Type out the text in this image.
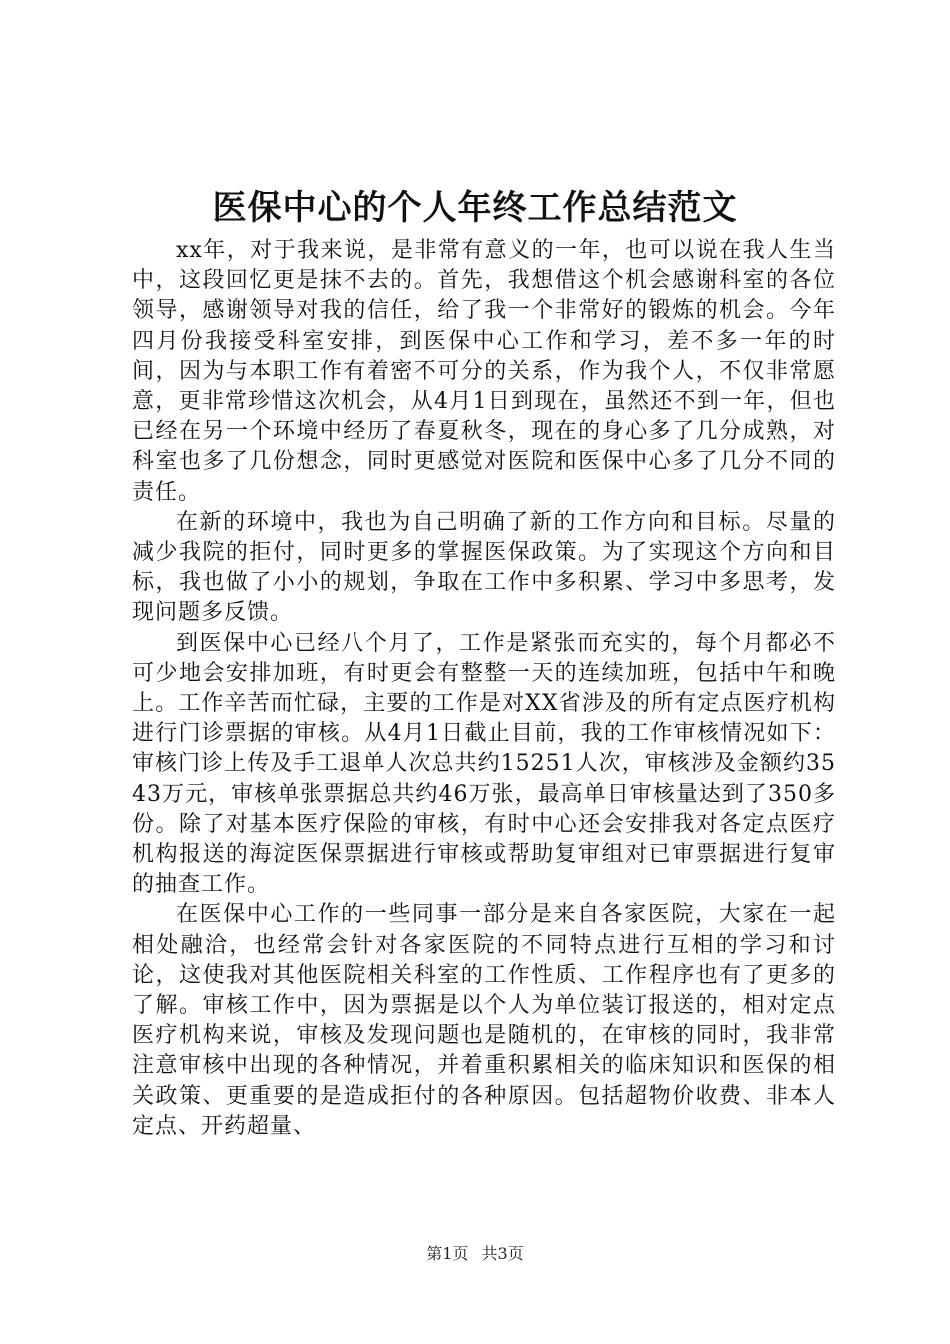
医保中心的个人年终工作总结范文

xx年，对于我来说，是非常有意义的一年，也可以说在我人生当中，这段回忆更是抹不去的。首先，我想借这个机会感谢科室的各位领导，感谢领导对我的信任，给了我一个非常好的锻炼的机会。今年四月份我接受科室安排，到医保中心工作和学习，差不多一年的时间，因为与本职工作有着密不可分的关系，作为我个人，不仅非常愿意，更非常珍惜这次机会，从4月1日到现在，虽然还不到一年，但也已经在另一个环境中经历了春夏秋冬，现在的身心多了几分成熟，对科室也多了几份想念，同时更感觉对医院和医保中心多了几分不同的责任。

在新的环境中，我也为自己明确了新的工作方向和目标。尽量的减少我院的拒付，同时更多的掌握医保政策。为了实现这个方向和目标，我也做了小小的规划，争取在工作中多积累、学习中多思考，发现问题多反馈。

到医保中心已经八个月了，工作是紧张而充实的，每个月都必不可少地会安排加班，有时更会有整整一天的连续加班，包括中午和晚上。工作辛苦而忙碌，主要的工作是对XX省涉及的所有定点医疗机构进行门诊票据的审核。从4月1日截止目前，我的工作审核情况如下：审核门诊上传及手工退单人次总共约15251人次，审核涉及金额约3543万元，审核单张票据总共约46万张，最高单日审核量达到了350多份。除了对基本医疗保险的审核，有时中心还会安排我对各定点医疗机构报送的海淀医保票据进行审核或帮助复审组对已审票据进行复审的抽查工作。

在医保中心工作的一些同事一部分是来自各家医院，大家在一起相处融洽，也经常会针对各家医院的不同特点进行互相的学习和讨论，这使我对其他医院相关科室的工作性质、工作程序也有了更多的了解。审核工作中，因为票据是以个人为单位装订报送的，相对定点医疗机构来说，审核及发现问题也是随机的，在审核的同时，我非常注意审核中出现的各种情况，并着重积累相关的临床知识和医保的相关政策、更重要的是造成拒付的各种原因。包括超物价收费、非本人定点、开药超量、

第1页 共3页
